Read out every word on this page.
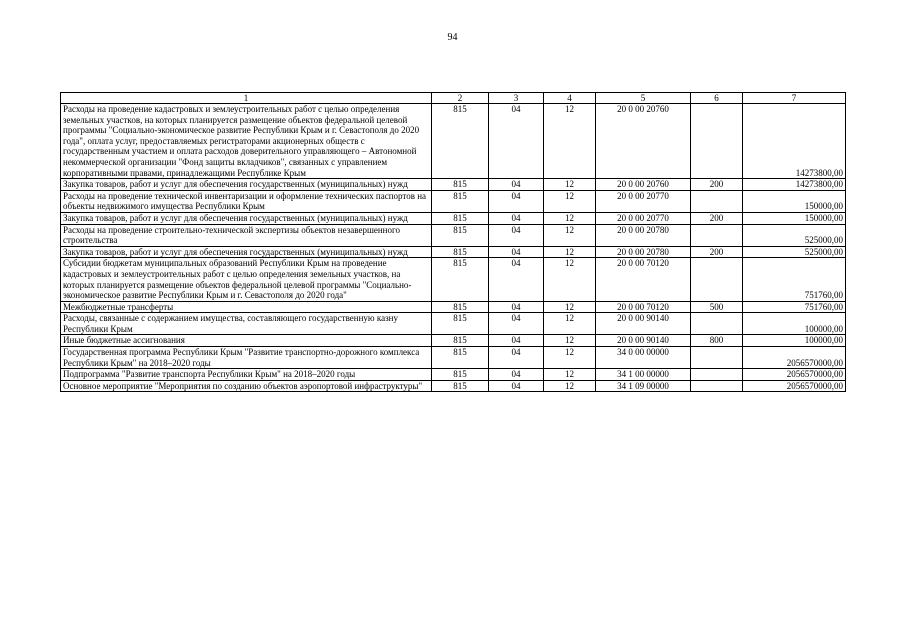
94
1	2	3	4	5	6	7
Расходы на проведение кадастровых и землеустроительных работ с целью определения земельных участков, на которых планируется размещение объектов федеральной целевой программы "Социально-экономическое развитие Республики Крым и г. Севастополя до 2020 года", оплата услуг, предоставляемых регистраторами акционерных обществ с государственным участием и оплата расходов доверительного управляющего – Автономной некоммерческой организации "Фонд защиты вкладчиков", связанных с управлением корпоративными правами, принадлежащими Республике Крым	815	04	12	20 0 00 20760		14273800,00
Закупка товаров, работ и услуг для обеспечения государственных (муниципальных) нужд	815	04	12	20 0 00 20760	200	14273800,00
Расходы на проведение технической инвентаризации и оформление технических паспортов на объекты недвижимого имущества Республики Крым	815	04	12	20 0 00 20770		150000,00
Закупка товаров, работ и услуг для обеспечения государственных (муниципальных) нужд	815	04	12	20 0 00 20770	200	150000,00
Расходы на проведение строительно-технической экспертизы объектов незавершенного строительства	815	04	12	20 0 00 20780		525000,00
Закупка товаров, работ и услуг для обеспечения государственных (муниципальных) нужд	815	04	12	20 0 00 20780	200	525000,00
Субсидии бюджетам муниципальных образований Республики Крым на проведение кадастровых и землеустроительных работ с целью определения земельных участков, на которых планируется размещение объектов федеральной целевой программы "Социально-экономическое развитие Республики Крым и г. Севастополя до 2020 года"	815	04	12	20 0 00 70120		751760,00
Межбюджетные трансферты	815	04	12	20 0 00 70120	500	751760,00
Расходы, связанные с содержанием имущества, составляющего государственную казну Республики Крым	815	04	12	20 0 00 90140		100000,00
Иные бюджетные ассигнования	815	04	12	20 0 00 90140	800	100000,00
Государственная программа Республики Крым "Развитие транспортно-дорожного комплекса Республики Крым" на 2018–2020 годы	815	04	12	34 0 00 00000		2056570000,00
Подпрограмма "Развитие транспорта Республики Крым" на 2018–2020 годы	815	04	12	34 1 00 00000		2056570000,00
Основное мероприятие "Мероприятия по созданию объектов аэропортовой инфраструктуры"	815	04	12	34 1 09 00000		2056570000,00
